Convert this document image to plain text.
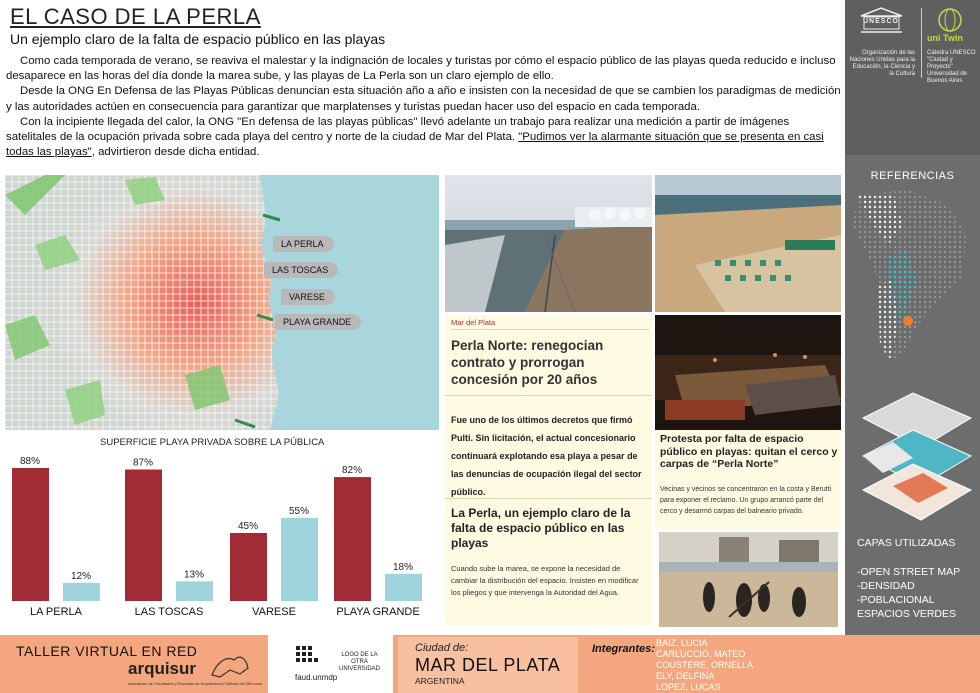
EL CASO DE LA PERLA
Un ejemplo claro de la falta de espacio público en las playas

Como cada temporada de verano, se reaviva el malestar y la indignación de locales y turistas por cómo el espacio público de las playas queda reducido e incluso desaparece en las horas del día donde la marea sube, y las playas de La Perla son un claro ejemplo de ello.

Desde la ONG En Defensa de las Playas Públicas denuncian esta situación año a año e insisten con la necesidad de que se cambien los paradigmas de medición y las autoridades actúen en consecuencia para garantizar que marplatenses y turistas puedan hacer uso del espacio en cada temporada.

Con la incipiente llegada del calor, la ONG "En defensa de las playas públicas" llevó adelante un trabajo para realizar una medición a partir de imágenes satelitales de la ocupación privada sobre cada playa del centro y norte de la ciudad de Mar del Plata. "Pudimos ver la alarmante situación que se presenta en casi todas las playas", advirtieron desde dicha entidad.

UNESCO
Organización de las Naciones Unidas para la Educación, la Ciencia y la Cultura
uni Twin
Cátedra UNESCO "Ciudad y Proyecto" Universidad de Buenos Aires
REFERENCIAS
CAPAS UTILIZADAS
-OPEN STREET MAP
-DENSIDAD
-POBLACIONAL
ESPACIOS VERDES
LA PERLA
LAS TOSCAS
VARESE
PLAYA GRANDE
SUPERFICIE PLAYA PRIVADA SOBRE LA PÚBLICA
88%
12%
LA PERLA
87%
13%
LAS TOSCAS
45%
55%
VARESE
82%
18%
PLAYA GRANDE
Mar del Plata
Perla Norte: renegocian contrato y prorrogan concesión por 20 años
Fue uno de los últimos decretos que firmó Pulti. Sin licitación, el actual concesionario continuará explotando esa playa a pesar de las denuncias de ocupación ilegal del sector público.
La Perla, un ejemplo claro de la falta de espacio público en las playas
Cuando sube la marea, se expone la necesidad de cambiar la distribución del espacio. Insisten en modificar los pliegos y que intervenga la Autoridad del Agua.
Protesta por falta de espacio público en playas: quitan el cerco y carpas de “Perla Norte”
Vecinas y vecinos se concentraron en la costa y Berutti para exponer el reclamo. Un grupo arrancó parte del cerco y desarmó carpas del balneario privado.
TALLER VIRTUAL EN RED
arquisur
Asociación de Facultades y Escuelas de Arquitectura Públicas del Mercosur
faud.unmdp
LOGO DE LA OTRA UNIVERSIDAD
Ciudad de:
MAR DEL PLATA
ARGENTINA
Integrantes: BAIZ, LUCIA
CARLUCCIO, MATEO
COUSTERE, ORNELLA
ELY, DELFINA
LOPEZ, LUCAS
